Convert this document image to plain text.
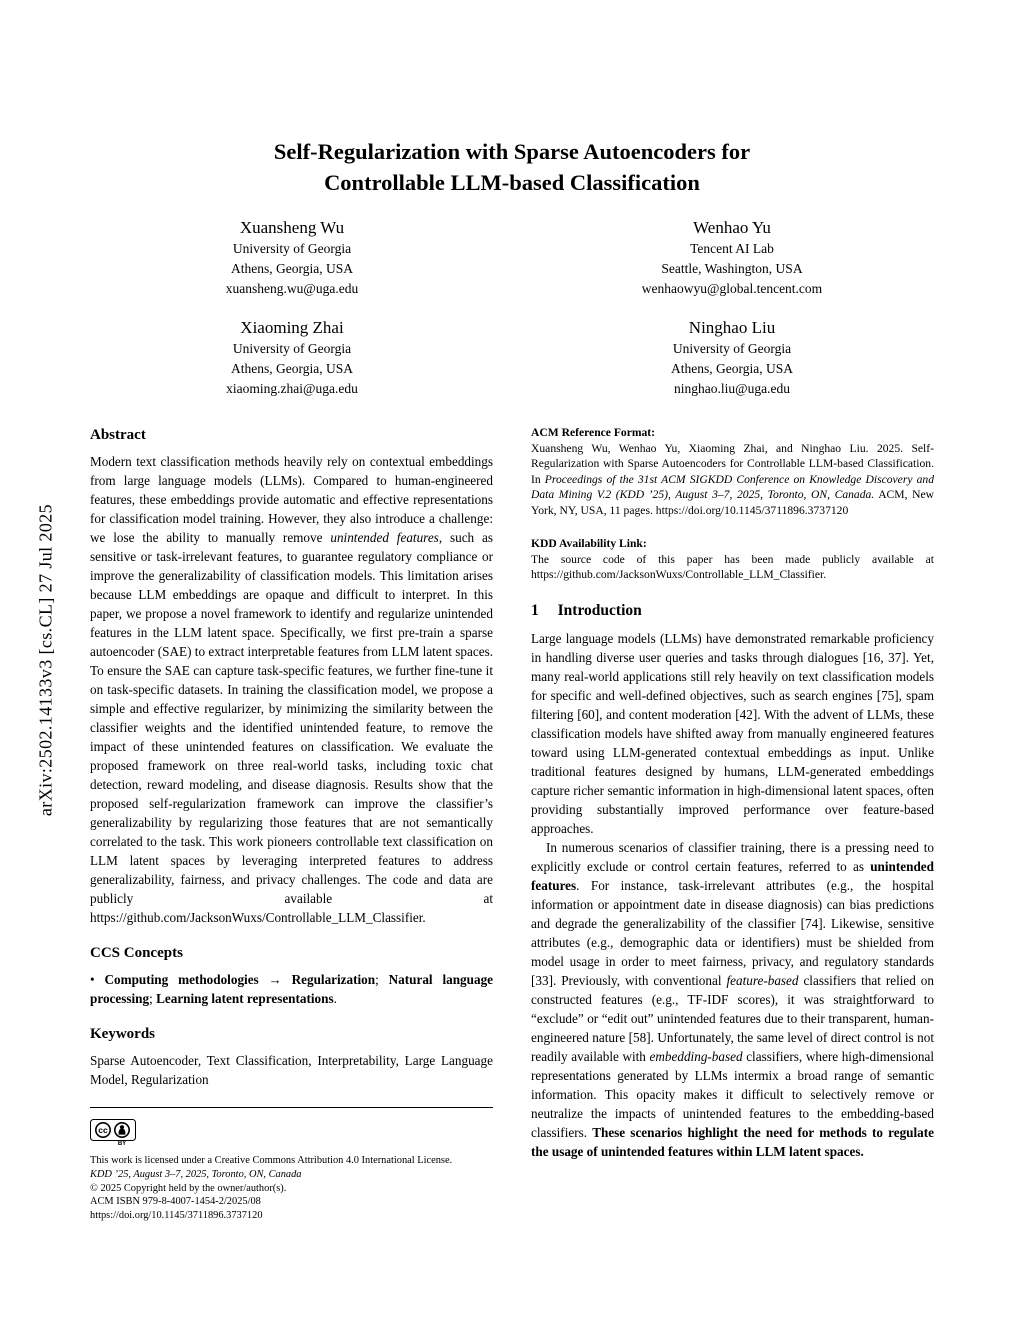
arXiv:2502.14133v3 [cs.CL] 27 Jul 2025
Self-Regularization with Sparse Autoencoders for
Controllable LLM-based Classification
Xuansheng Wu
University of Georgia
Athens, Georgia, USA
xuansheng.wu@uga.edu
Wenhao Yu
Tencent AI Lab
Seattle, Washington, USA
wenhaowyu@global.tencent.com
Xiaoming Zhai
University of Georgia
Athens, Georgia, USA
xiaoming.zhai@uga.edu
Ninghao Liu
University of Georgia
Athens, Georgia, USA
ninghao.liu@uga.edu
Abstract

Modern text classification methods heavily rely on contextual embeddings from large language models (LLMs). Compared to human-engineered features, these embeddings provide automatic and effective representations for classification model training. However, they also introduce a challenge: we lose the ability to manually remove unintended features, such as sensitive or task-irrelevant features, to guarantee regulatory compliance or improve the generalizability of classification models. This limitation arises because LLM embeddings are opaque and difficult to interpret. In this paper, we propose a novel framework to identify and regularize unintended features in the LLM latent space. Specifically, we first pre-train a sparse autoencoder (SAE) to extract interpretable features from LLM latent spaces. To ensure the SAE can capture task-specific features, we further fine-tune it on task-specific datasets. In training the classification model, we propose a simple and effective regularizer, by minimizing the similarity between the classifier weights and the identified unintended feature, to remove the impact of these unintended features on classification. We evaluate the proposed framework on three real-world tasks, including toxic chat detection, reward modeling, and disease diagnosis. Results show that the proposed self-regularization framework can improve the classifier’s generalizability by regularizing those features that are not semantically correlated to the task. This work pioneers controllable text classification on LLM latent spaces by leveraging interpreted features to address generalizability, fairness, and privacy challenges. The code and data are publicly available at https://github.com/JacksonWuxs/Controllable_LLM_Classifier.

CCS Concepts

• Computing methodologies → Regularization; Natural language processing; Learning latent representations.

Keywords

Sparse Autoencoder, Text Classification, Interpretability, Large Language Model, Regularization

cc
BY

This work is licensed under a Creative Commons Attribution 4.0 International License.

KDD ’25, August 3–7, 2025, Toronto, ON, Canada

© 2025 Copyright held by the owner/author(s).

ACM ISBN 979-8-4007-1454-2/2025/08

https://doi.org/10.1145/3711896.3737120

ACM Reference Format:

Xuansheng Wu, Wenhao Yu, Xiaoming Zhai, and Ninghao Liu. 2025. Self-Regularization with Sparse Autoencoders for Controllable LLM-based Classification. In Proceedings of the 31st ACM SIGKDD Conference on Knowledge Discovery and Data Mining V.2 (KDD ’25), August 3–7, 2025, Toronto, ON, Canada. ACM, New York, NY, USA, 11 pages. https://doi.org/10.1145/3711896.3737120

KDD Availability Link:

The source code of this paper has been made publicly available at https://github.com/JacksonWuxs/Controllable_LLM_Classifier.

1 Introduction

Large language models (LLMs) have demonstrated remarkable proficiency in handling diverse user queries and tasks through dialogues [16, 37]. Yet, many real-world applications still rely heavily on text classification models for specific and well-defined objectives, such as search engines [75], spam filtering [60], and content moderation [42]. With the advent of LLMs, these classification models have shifted away from manually engineered features toward using LLM-generated contextual embeddings as input. Unlike traditional features designed by humans, LLM-generated embeddings capture richer semantic information in high-dimensional latent spaces, often providing substantially improved performance over feature-based approaches.

In numerous scenarios of classifier training, there is a pressing need to explicitly exclude or control certain features, referred to as unintended features. For instance, task-irrelevant attributes (e.g., the hospital information or appointment date in disease diagnosis) can bias predictions and degrade the generalizability of the classifier [74]. Likewise, sensitive attributes (e.g., demographic data or identifiers) must be shielded from model usage in order to meet fairness, privacy, and regulatory standards [33]. Previously, with conventional feature-based classifiers that relied on constructed features (e.g., TF-IDF scores), it was straightforward to “exclude” or “edit out” unintended features due to their transparent, human-engineered nature [58]. Unfortunately, the same level of direct control is not readily available with embedding-based classifiers, where high-dimensional representations generated by LLMs intermix a broad range of semantic information. This opacity makes it difficult to selectively remove or neutralize the impacts of unintended features to the embedding-based classifiers. These scenarios highlight the need for methods to regulate the usage of unintended features within LLM latent spaces.
